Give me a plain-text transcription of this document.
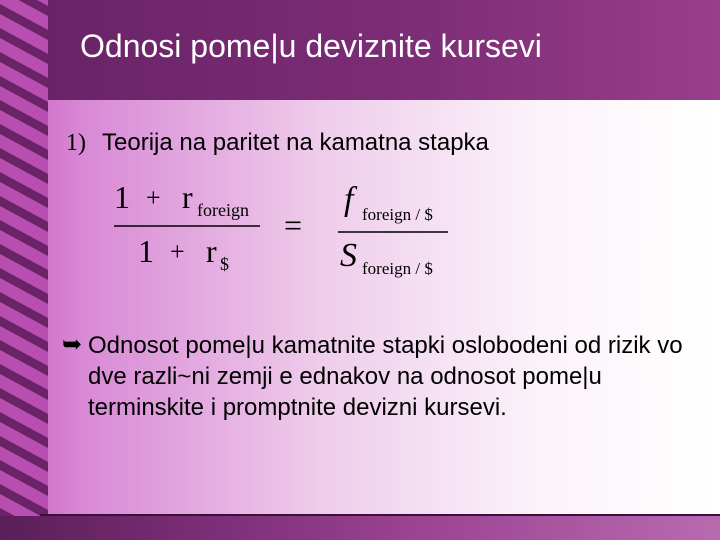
Odnosi pome|u deviznite kursevi
1) Teorija na paritet na kamatna stapka
1 + r foreign
1 + r $
=
f foreign / $
S foreign / $
➥ Odnosot pome|u kamatnite stapki oslobodeni od rizik vo dve razli~ni zemji e ednakov na odnosot pome|u terminskite i promptnite devizni kursevi.
